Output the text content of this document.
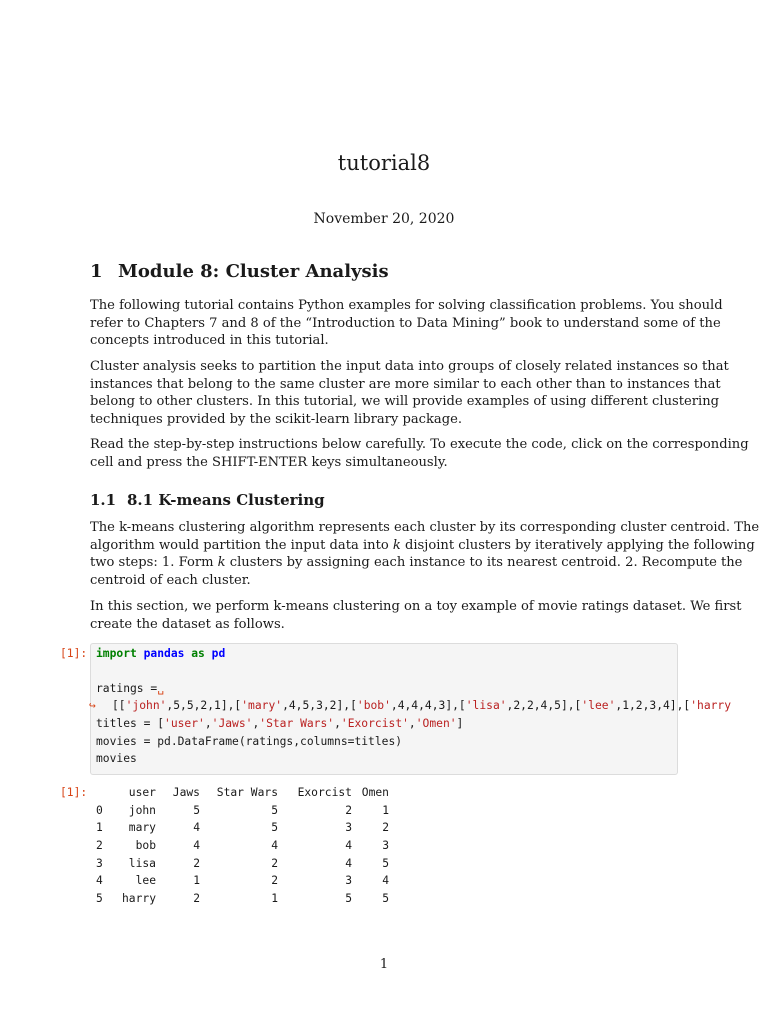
tutorial8
November 20, 2020
1 Module 8: Cluster Analysis
The following tutorial contains Python examples for solving classification problems. You should
refer to Chapters 7 and 8 of the “Introduction to Data Mining” book to understand some of the
concepts introduced in this tutorial.
Cluster analysis seeks to partition the input data into groups of closely related instances so that
instances that belong to the same cluster are more similar to each other than to instances that
belong to other clusters. In this tutorial, we will provide examples of using different clustering
techniques provided by the scikit-learn library package.
Read the step-by-step instructions below carefully. To execute the code, click on the corresponding
cell and press the SHIFT-ENTER keys simultaneously.
1.1 8.1 K-means Clustering
The k-means clustering algorithm represents each cluster by its corresponding cluster centroid. The
algorithm would partition the input data into k disjoint clusters by iteratively applying the following
two steps: 1. Form k clusters by assigning each instance to its nearest centroid. 2. Recompute the
centroid of each cluster.
In this section, we perform k-means clustering on a toy example of movie ratings dataset. We first
create the dataset as follows.
[1]: import pandas as pd
ratings =␣
movies = pd.DataFrame(ratings,columns=titles)
movies
titles = ['user','Jaws','Star Wars','Exorcist','Omen']
↪ [['john',5,5,2,1],['mary',4,5,3,2],['bob',4,4,4,3],['lisa',2,2,4,5],['lee',1,2,3,4],['harry
[1]:
		user	Jaws	Star Wars	Exorcist	Omen
0	john	5	5	2	1
1	mary	4	5	3	2
2	bob	4	4	4	3
3	lisa	2	2	4	5
4	lee	1	2	3	4
5	harry	2	1	5	5
1
